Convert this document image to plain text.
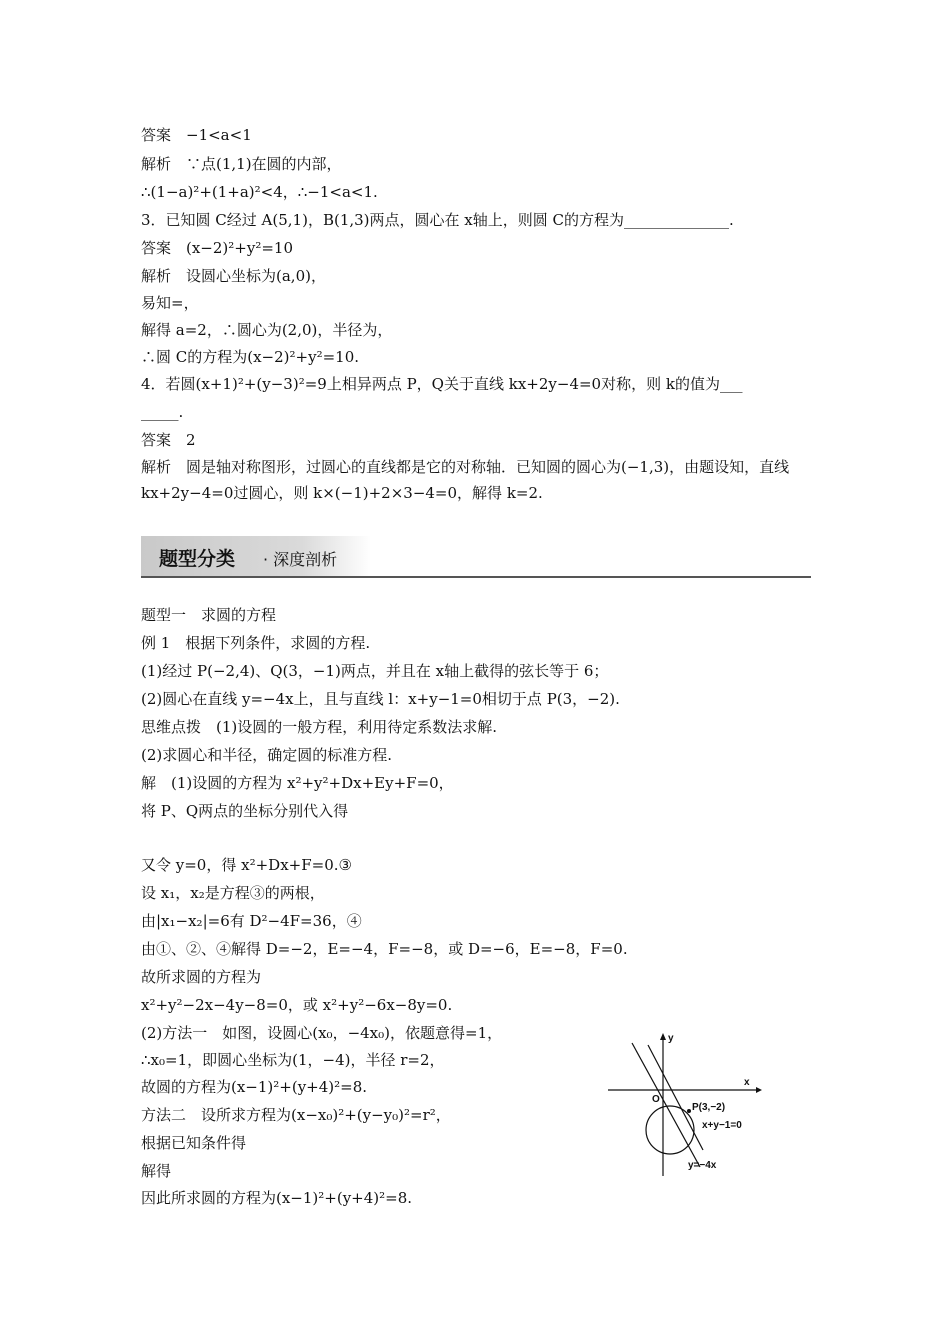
答案　−1<a<1
解析　∵点(1,1)在圆的内部，
∴(1−a)²+(1+a)²<4，∴−1<a<1.
3．已知圆 C经过 A(5,1)，B(1,3)两点，圆心在 x轴上，则圆 C的方程为______________.
答案　(x−2)²+y²=10
解析　设圆心坐标为(a,0)，
易知=，
解得 a=2，∴圆心为(2,0)，半径为，
∴圆 C的方程为(x−2)²+y²=10.
4．若圆(x+1)²+(y−3)²=9上相异两点 P，Q关于直线 kx+2y−4=0对称，则 k的值为___
_____.
答案　2
解析　圆是轴对称图形，过圆心的直线都是它的对称轴．已知圆的圆心为(−1,3)，由题设知，直线 kx+2y−4=0过圆心，则 k×(−1)+2×3−4=0，解得 k=2.
题型分类 · 深度剖析
题型一　求圆的方程
例 1　根据下列条件，求圆的方程.
(1)经过 P(−2,4)、Q(3，−1)两点，并且在 x轴上截得的弦长等于 6；
(2)圆心在直线 y=−4x上，且与直线 l：x+y−1=0相切于点 P(3，−2).
思维点拨　(1)设圆的一般方程，利用待定系数法求解.
(2)求圆心和半径，确定圆的标准方程.
解　(1)设圆的方程为 x²+y²+Dx+Ey+F=0，
将 P、Q两点的坐标分别代入得
又令 y=0，得 x²+Dx+F=0.③
设 x₁，x₂是方程③的两根，
由|x₁−x₂|=6有 D²−4F=36，④
由①、②、④解得 D=−2，E=−4，F=−8，或 D=−6，E=−8，F=0.
故所求圆的方程为
x²+y²−2x−4y−8=0，或 x²+y²−6x−8y=0.
(2)方法一　如图，设圆心(x₀，−4x₀)，依题意得=1，
∴x₀=1，即圆心坐标为(1，−4)，半径 r=2，
故圆的方程为(x−1)²+(y+4)²=8.
方法二　设所求方程为(x−x₀)²+(y−y₀)²=r²，
根据已知条件得
解得
因此所求圆的方程为(x−1)²+(y+4)²=8.
y
x
O
P(3,−2)
x+y−1=0
y=−4x
